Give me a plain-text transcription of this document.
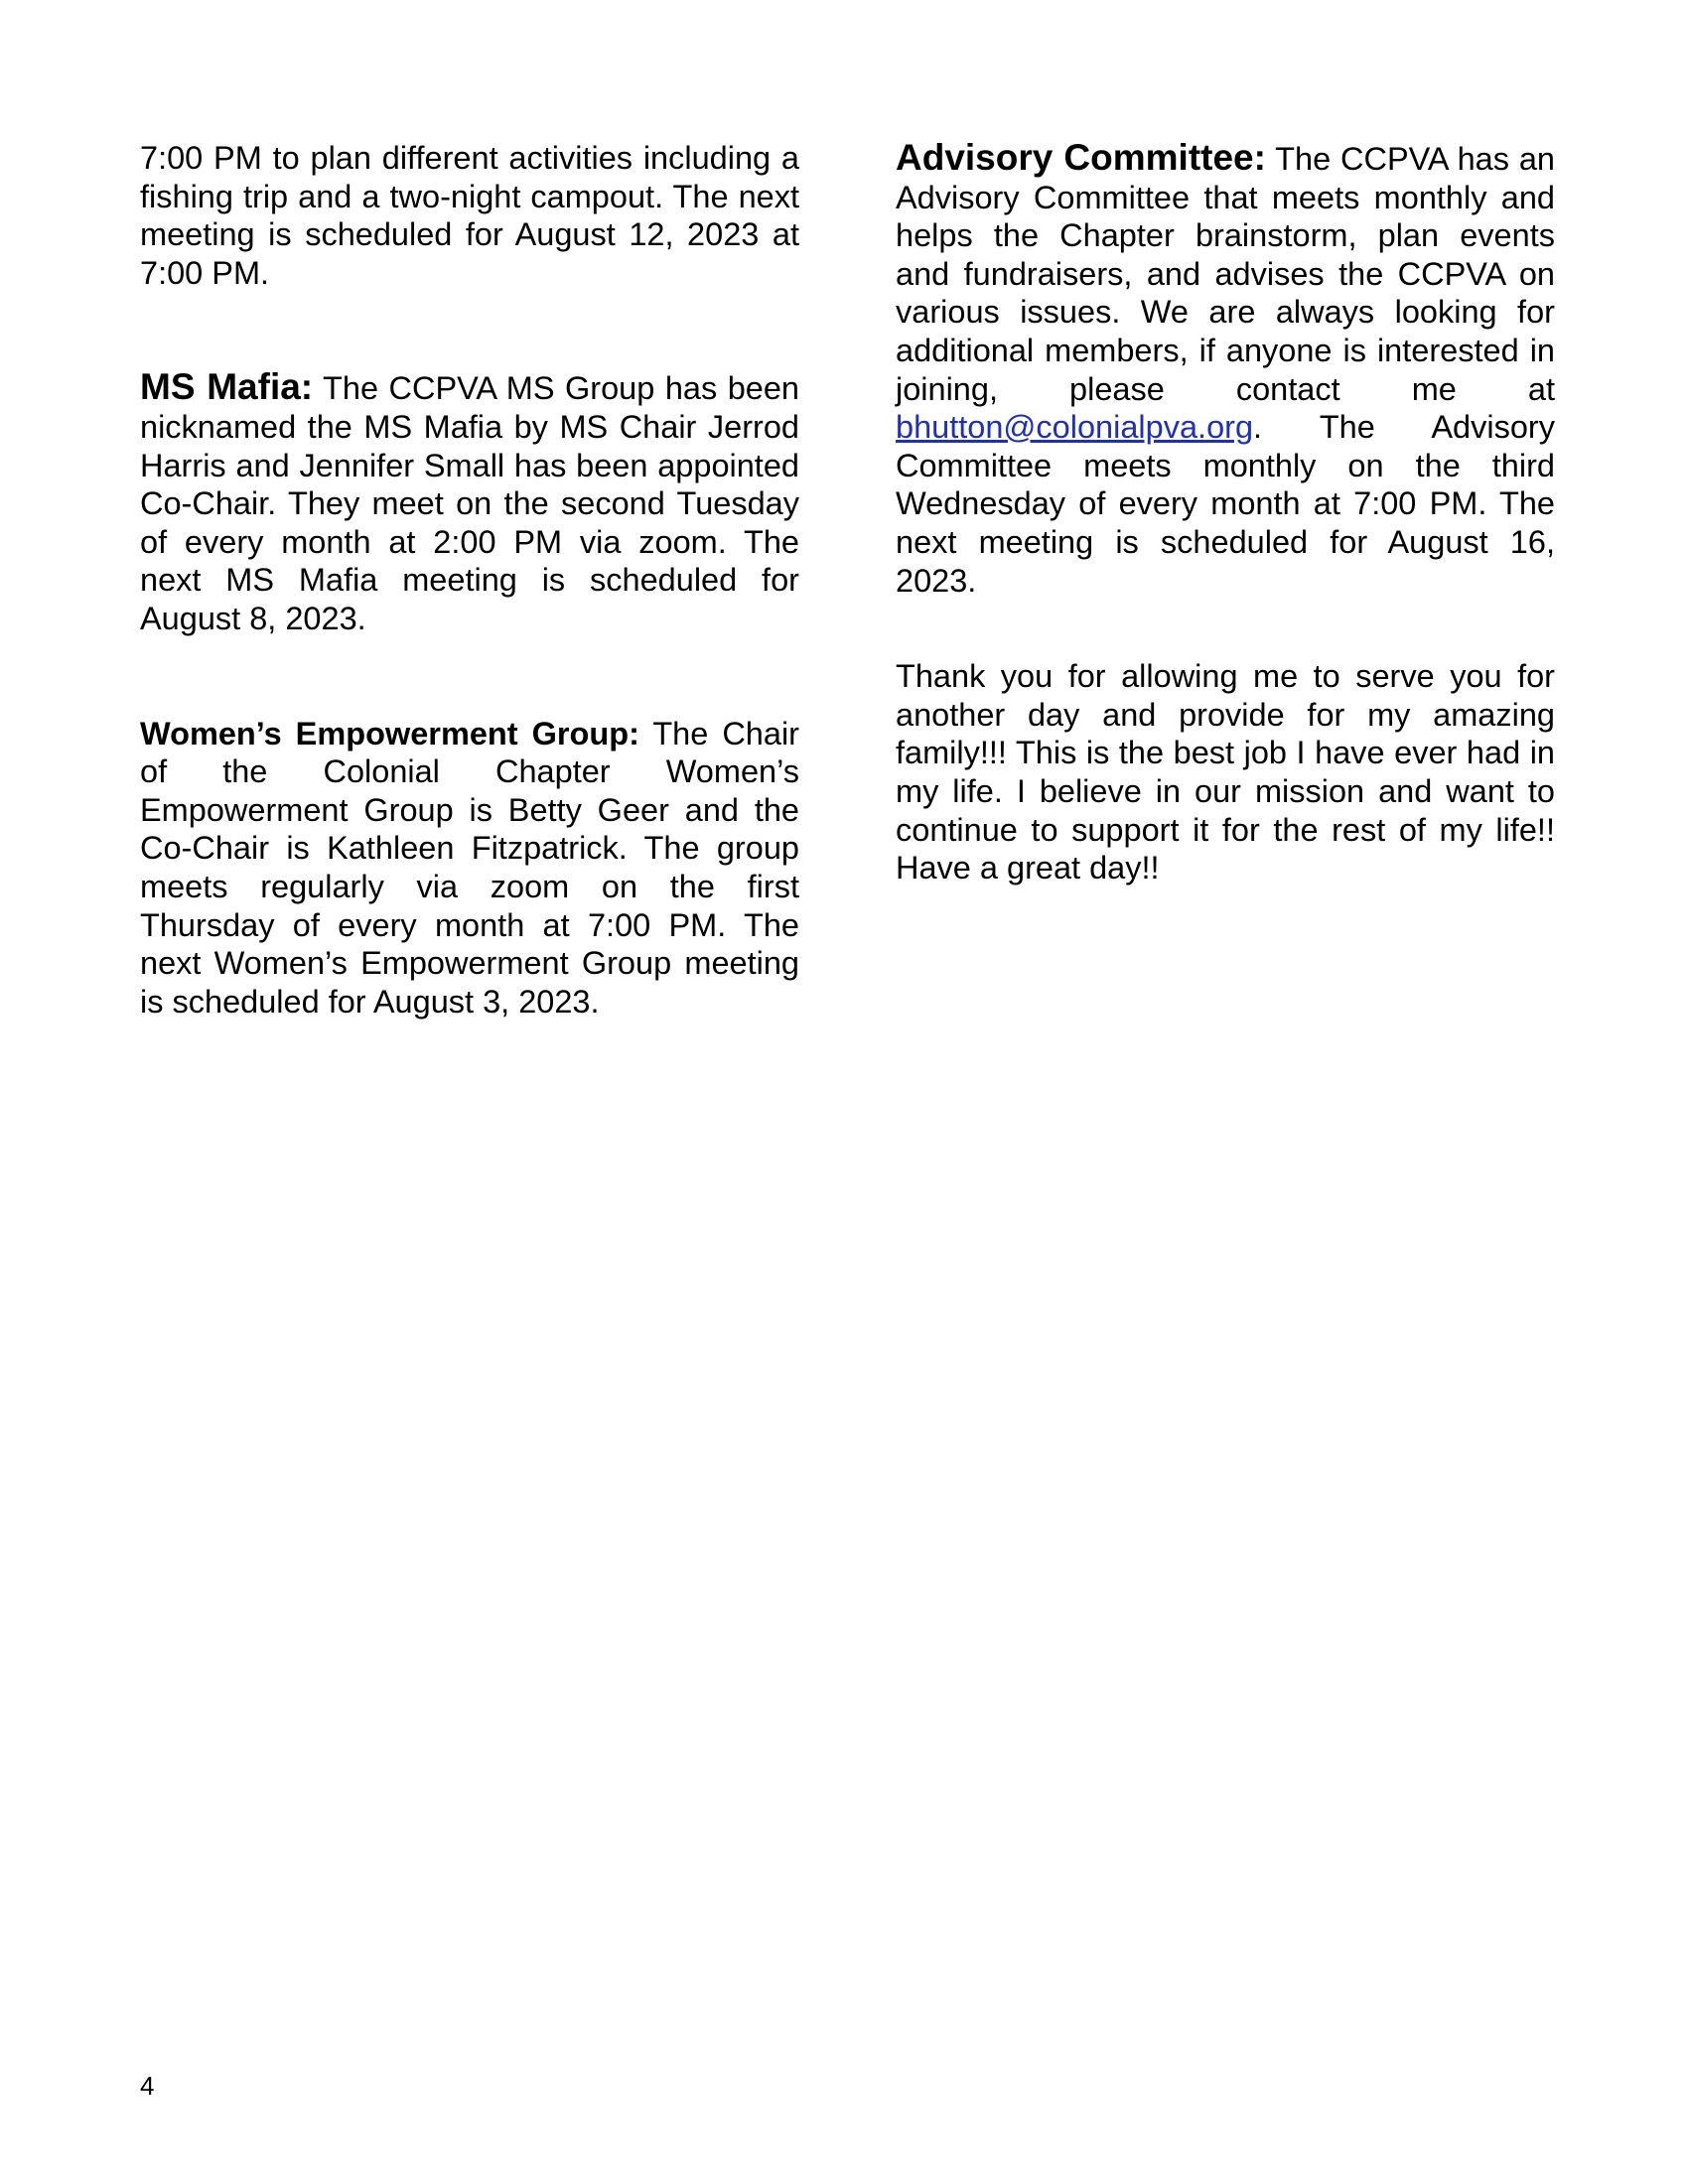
7:00 PM to plan different activities including a fishing trip and a two-night campout. The next meeting is scheduled for August 12, 2023 at 7:00 PM.

MS Mafia: The CCPVA MS Group has been nicknamed the MS Mafia by MS Chair Jerrod Harris and Jennifer Small has been appointed Co-Chair. They meet on the second Tuesday of every month at 2:00 PM via zoom. The next MS Mafia meeting is scheduled for August 8, 2023.

Women’s Empowerment Group: The Chair of the Colonial Chapter Women’s Empowerment Group is Betty Geer and the Co-Chair is Kathleen Fitzpatrick. The group meets regularly via zoom on the first Thursday of every month at 7:00 PM. The next Women’s Empowerment Group meeting is scheduled for August 3, 2023.

Advisory Committee: The CCPVA has an Advisory Committee that meets monthly and helps the Chapter brainstorm, plan events and fundraisers, and advises the CCPVA on various issues. We are always looking for additional members, if anyone is interested in joining, please contact me at bhutton@colonialpva.org. The Advisory Committee meets monthly on the third Wednesday of every month at 7:00 PM. The next meeting is scheduled for August 16, 2023.

Thank you for allowing me to serve you for another day and provide for my amazing family!!! This is the best job I have ever had in my life. I believe in our mission and want to continue to support it for the rest of my life!! Have a great day!!

4
